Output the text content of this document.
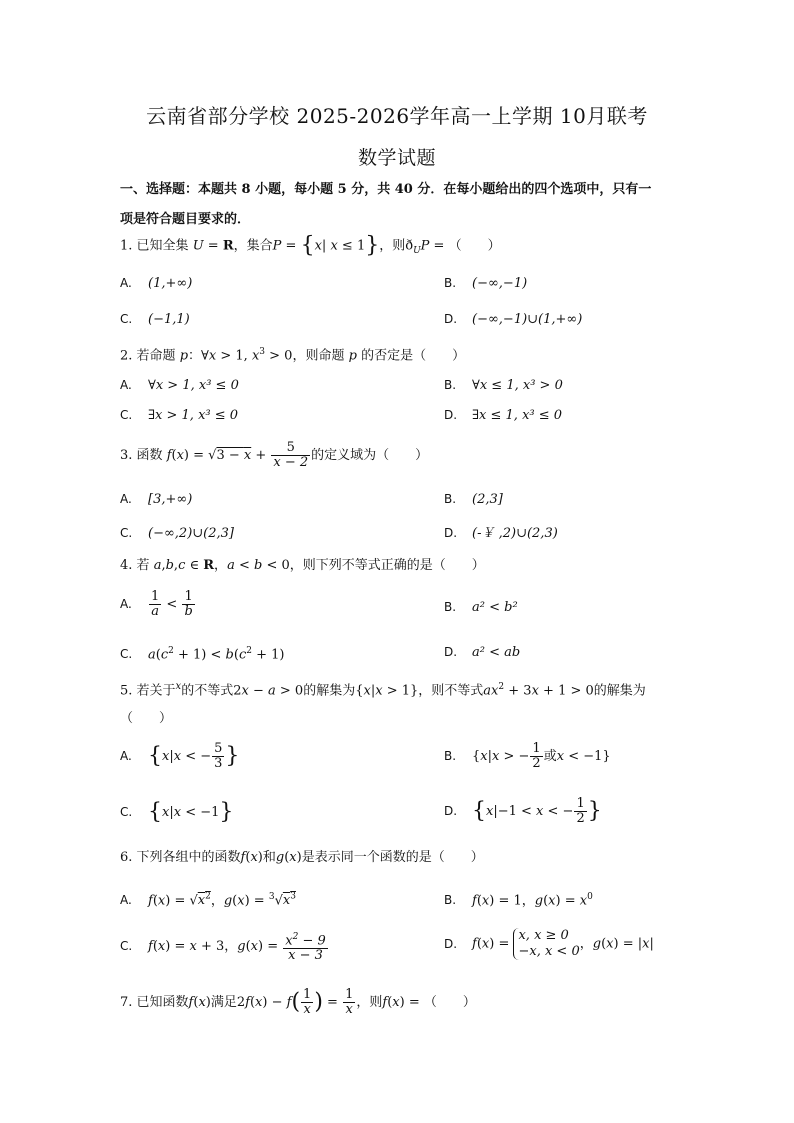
云南省部分学校 2025-2026学年高一上学期 10月联考
数学试题
一、选择题：本题共 8 小题，每小题 5 分，共 40 分．在每小题给出的四个选项中，只有一
项是符合题目要求的．
1. 已知全集 U = R，集合P = {x| x ≤ 1}，则$ð_UP$ = （　　）
A. (1,+∞)	B. (−∞,−1)
C. (−1,1)	D. (−∞,−1)∪(1,+∞)
2. 若命题 p：∀x > 1, $x^3 > 0$，则命题 p 的否定是（　　）
A. ∀x > 1, x³ ≤ 0	B. ∀x ≤ 1, x³ > 0
C. ∃x > 1, x³ ≤ 0	D. ∃x ≤ 1, x³ ≤ 0
3. 函数 $f(x) = √3 - x + \frac{5}{x - 2}$ 的定义域为（　　）
A. [3,+∞)	B. (2,3]
C. (−∞,2)∪(2,3]	D. (-￥ ,2)∪(2,3)
4. 若 a,b,c ∈ R，a < b < 0，则下列不等式正确的是（　　）
A. $\frac{1}{a} < \frac{1}{b}$	B. a² < b²
C. $a(c^2 + 1) < b(c^2 + 1)$	D. a² < ab
5. 若关于$^x$的不等式2x − a > 0的解集为{x|x > 1}，则不等式$ax^2 + 3x + 1 > 0$的解集为
（　　）
A. {x|x < − $\frac{5}{3}$ }	B. {x|x > − $\frac{1}{2}$ 或x < −1}
C. {x|x < −1}	D. {x|−1 < x < − $\frac{1}{2}$ }
6. 下列各组中的函数f(x)和g(x)是表示同一个函数的是（　　）
A. $f(x) = √x^2$，$g(x) = ^3√x^3$	B. f(x) = 1，$g(x) = x^0$
C. f(x) = x + 3，$g(x) = \frac{x^2 - 9}{x - 3}$	D. f(x) =
x, x ≥ 0
−x, x < 0 ，g(x) = |x|
7. 已知函数f(x)满足$2f(x) - f( \frac{1}{x}$ ) = $\frac{1}{x}$ ，则f(x) = （　　）
